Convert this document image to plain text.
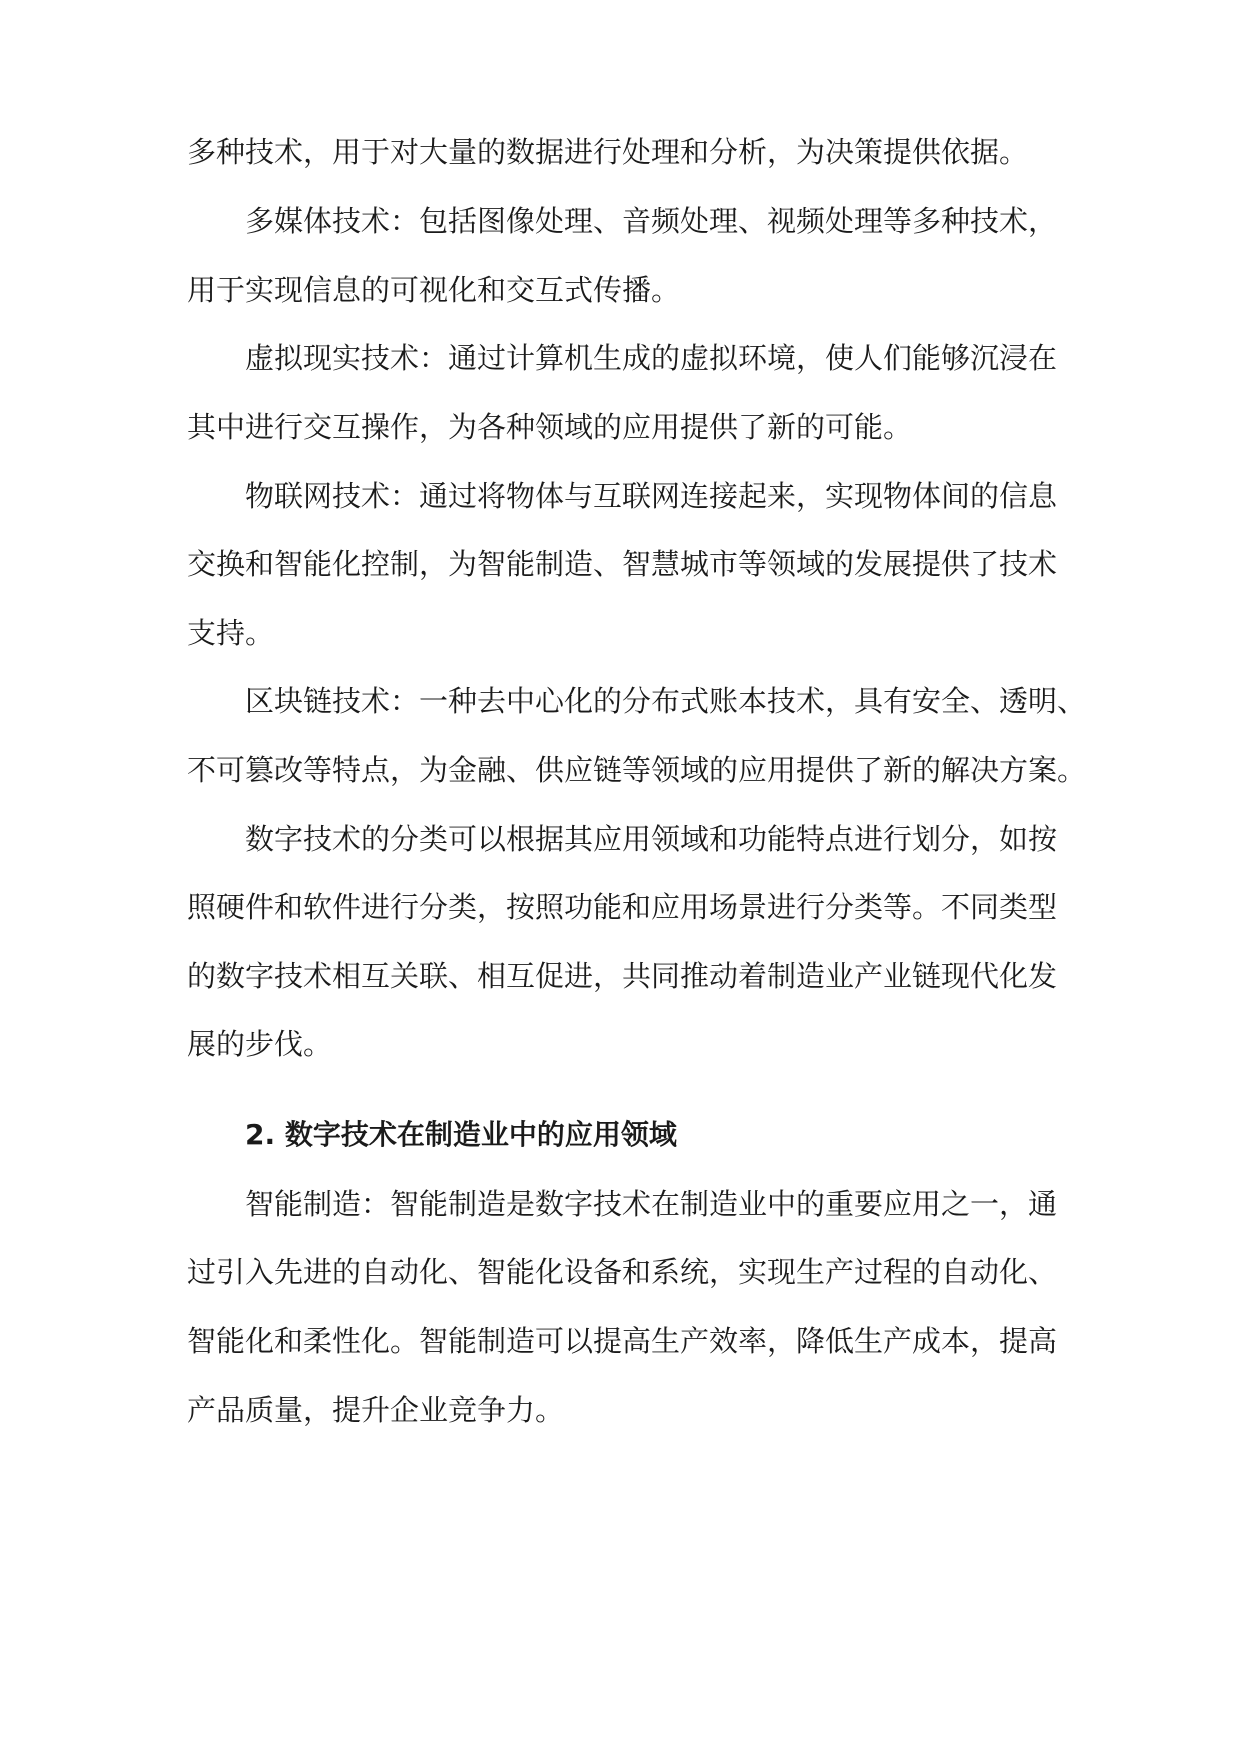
多种技术，用于对大量的数据进行处理和分析，为决策提供依据。
多媒体技术：包括图像处理、音频处理、视频处理等多种技术，
用于实现信息的可视化和交互式传播。
虚拟现实技术：通过计算机生成的虚拟环境，使人们能够沉浸在
其中进行交互操作，为各种领域的应用提供了新的可能。
物联网技术：通过将物体与互联网连接起来，实现物体间的信息
交换和智能化控制，为智能制造、智慧城市等领域的发展提供了技术
支持。
区块链技术：一种去中心化的分布式账本技术，具有安全、透明、
不可篡改等特点，为金融、供应链等领域的应用提供了新的解决方案。
数字技术的分类可以根据其应用领域和功能特点进行划分，如按
照硬件和软件进行分类，按照功能和应用场景进行分类等。不同类型
的数字技术相互关联、相互促进，共同推动着制造业产业链现代化发
展的步伐。
2. 数字技术在制造业中的应用领域
智能制造：智能制造是数字技术在制造业中的重要应用之一，通
过引入先进的自动化、智能化设备和系统，实现生产过程的自动化、
智能化和柔性化。智能制造可以提高生产效率，降低生产成本，提高
产品质量，提升企业竞争力。
